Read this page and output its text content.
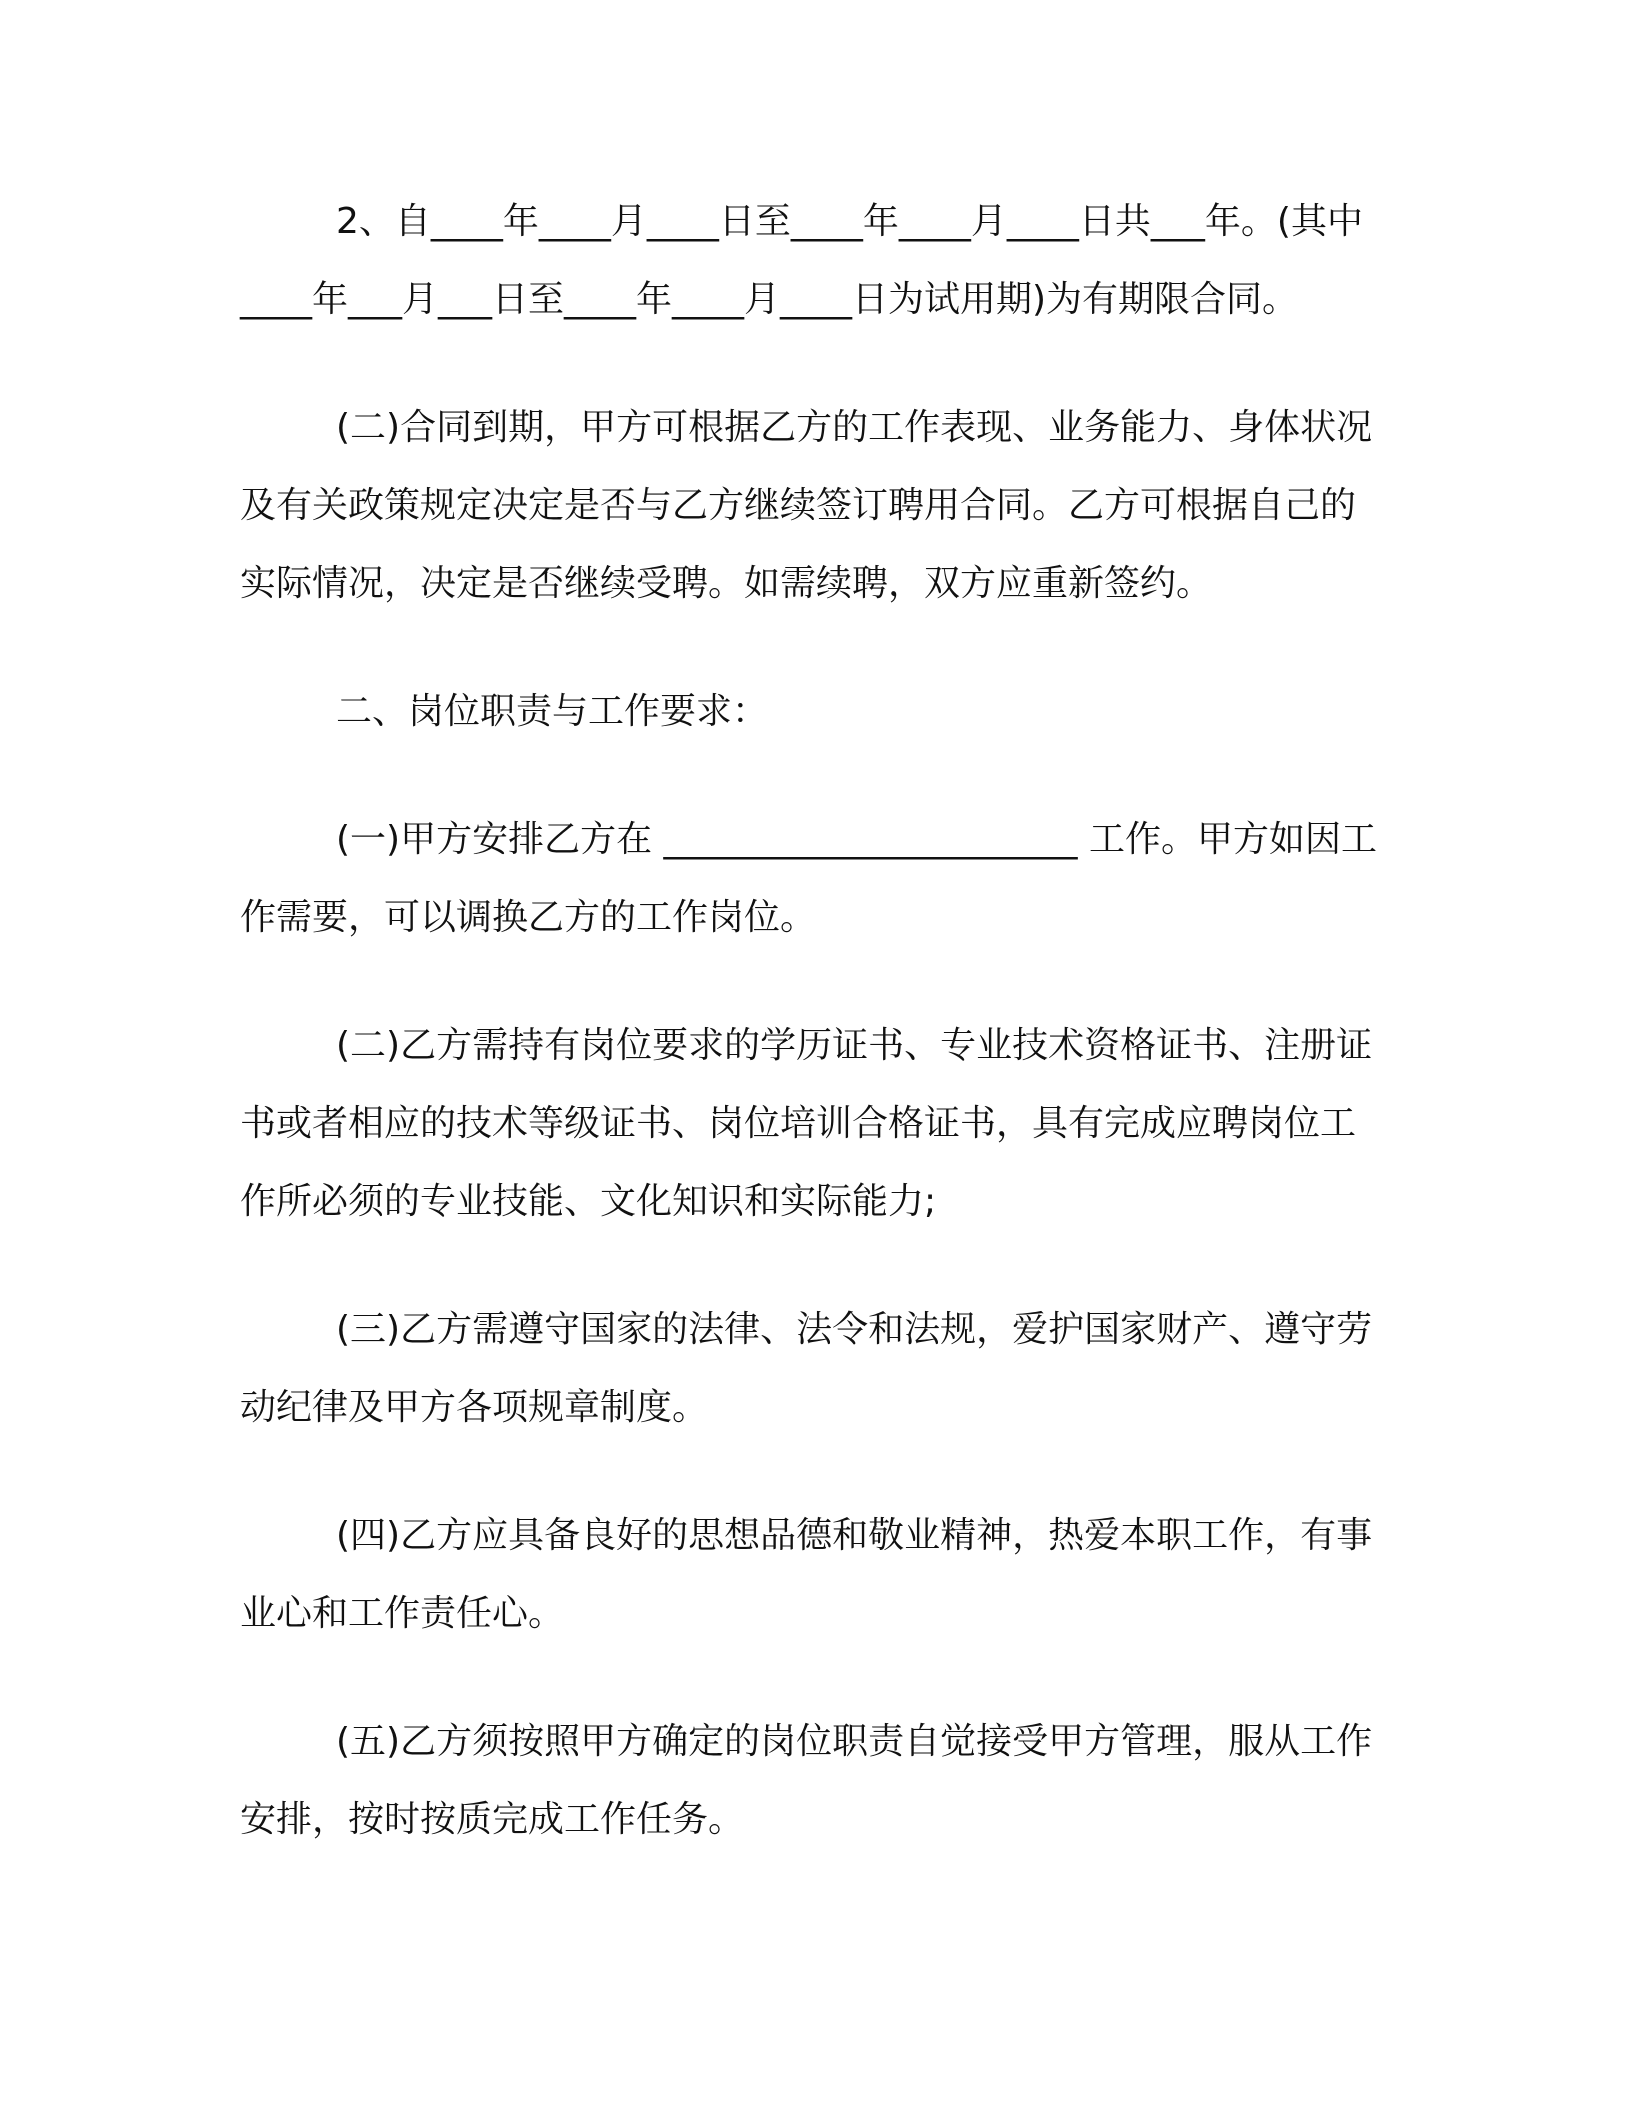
2、自____年____月____日至____年____月____日共___年。(其中____年___月___日至____年____月____日为试用期)为有期限合同。

(二)合同到期，甲方可根据乙方的工作表现、业务能力、身体状况及有关政策规定决定是否与乙方继续签订聘用合同。乙方可根据自己的实际情况，决定是否继续受聘。如需续聘，双方应重新签约。

二、岗位职责与工作要求：

(一)甲方安排乙方在 _______________________ 工作。甲方如因工作需要，可以调换乙方的工作岗位。

(二)乙方需持有岗位要求的学历证书、专业技术资格证书、注册证书或者相应的技术等级证书、岗位培训合格证书，具有完成应聘岗位工作所必须的专业技能、文化知识和实际能力;

(三)乙方需遵守国家的法律、法令和法规，爱护国家财产、遵守劳动纪律及甲方各项规章制度。

(四)乙方应具备良好的思想品德和敬业精神，热爱本职工作，有事业心和工作责任心。

(五)乙方须按照甲方确定的岗位职责自觉接受甲方管理，服从工作安排，按时按质完成工作任务。
